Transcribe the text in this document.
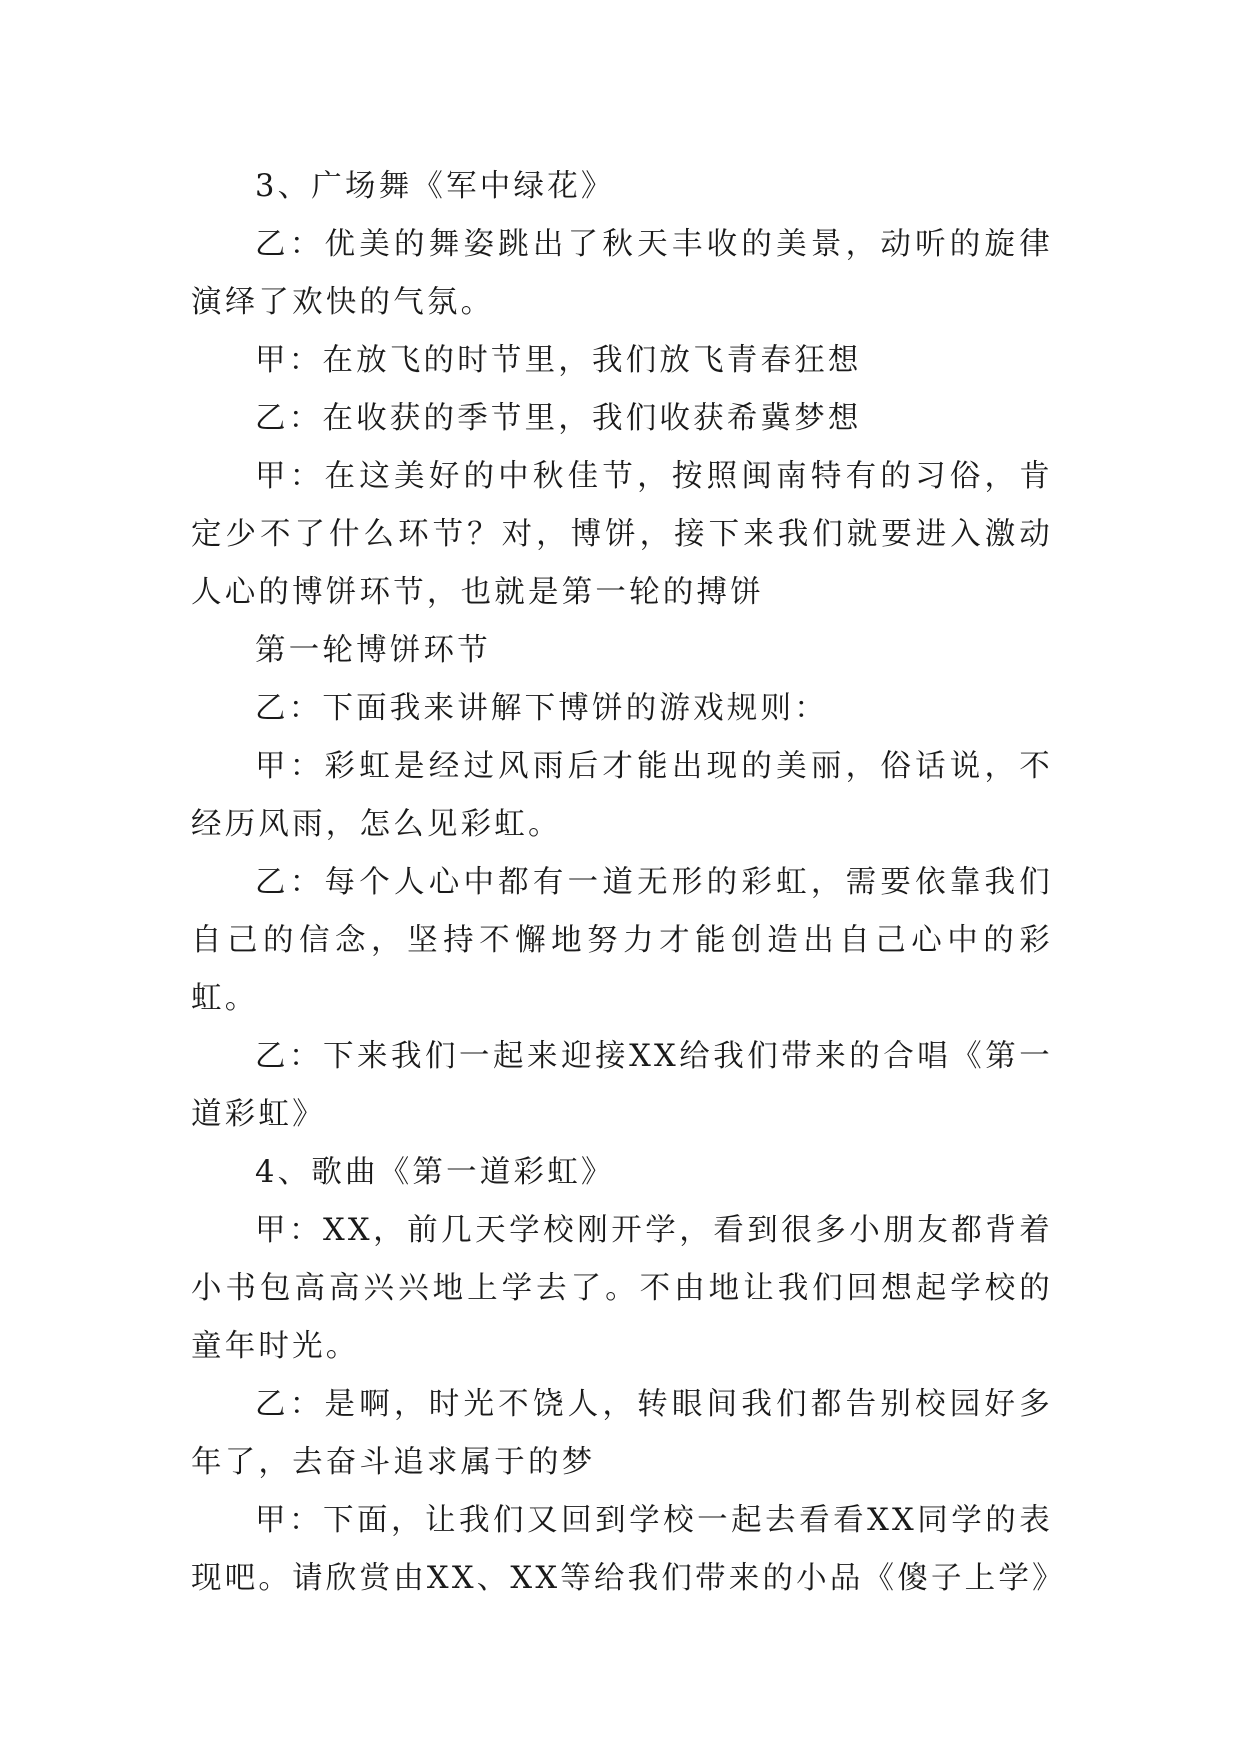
3、广场舞《军中绿花》

乙：优美的舞姿跳出了秋天丰收的美景，动听的旋律演绎了欢快的气氛。

甲：在放飞的时节里，我们放飞青春狂想

乙：在收获的季节里，我们收获希冀梦想

甲：在这美好的中秋佳节，按照闽南特有的习俗，肯定少不了什么环节？对，博饼，接下来我们就要进入激动人心的博饼环节，也就是第一轮的搏饼

第一轮博饼环节

乙：下面我来讲解下博饼的游戏规则：

甲：彩虹是经过风雨后才能出现的美丽，俗话说，不经历风雨，怎么见彩虹。

乙：每个人心中都有一道无形的彩虹，需要依靠我们自己的信念，坚持不懈地努力才能创造出自己心中的彩虹。

乙：下来我们一起来迎接XX给我们带来的合唱《第一道彩虹》

4、歌曲《第一道彩虹》

甲：XX，前几天学校刚开学，看到很多小朋友都背着小书包高高兴兴地上学去了。不由地让我们回想起学校的童年时光。

乙：是啊，时光不饶人，转眼间我们都告别校园好多年了，去奋斗追求属于的梦

甲：下面，让我们又回到学校一起去看看XX同学的表现吧。请欣赏由XX、XX等给我们带来的小品《傻子上学》
